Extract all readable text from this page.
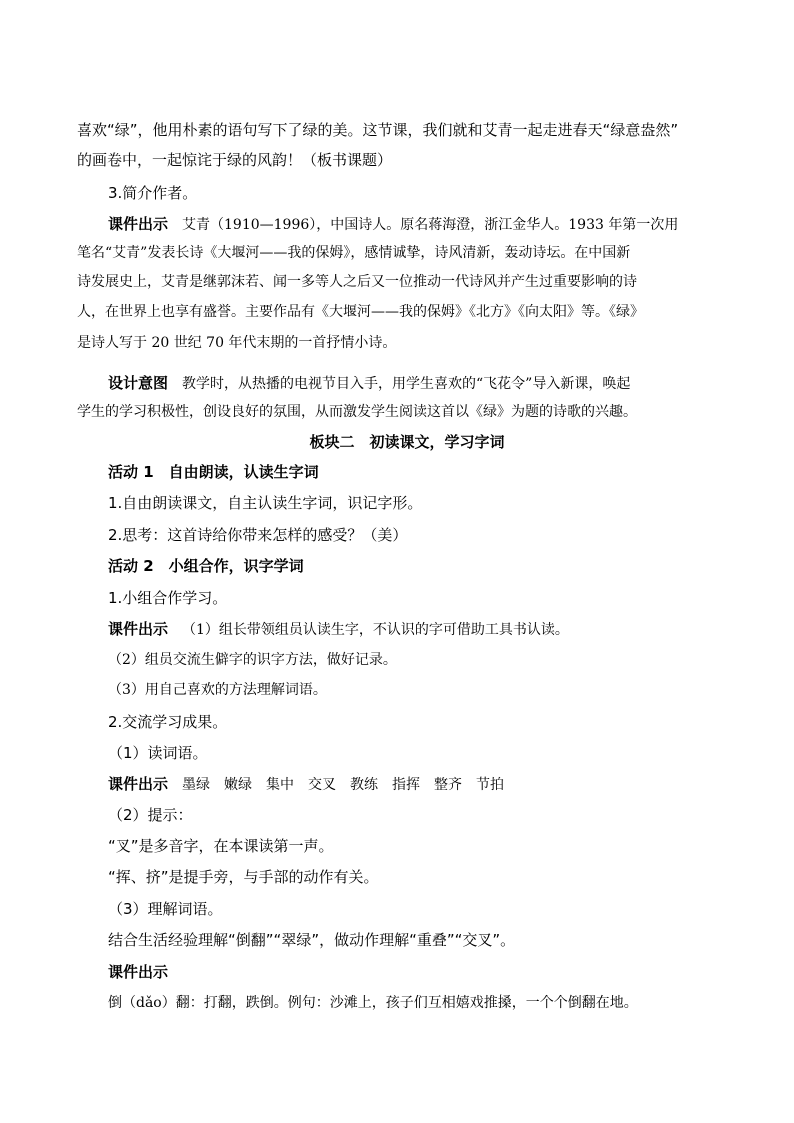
喜欢“绿”，他用朴素的语句写下了绿的美。这节课，我们就和艾青一起走进春天“绿意盎然”
的画卷中，一起惊诧于绿的风韵！（板书课题）
3.简介作者。
课件出示 艾青（1910—1996），中国诗人。原名蒋海澄，浙江金华人。1933 年第一次用
笔名“艾青”发表长诗《大堰河——我的保姆》，感情诚挚，诗风清新，轰动诗坛。在中国新
诗发展史上，艾青是继郭沫若、闻一多等人之后又一位推动一代诗风并产生过重要影响的诗
人，在世界上也享有盛誉。主要作品有《大堰河——我的保姆》《北方》《向太阳》等。《绿》
是诗人写于 20 世纪 70 年代末期的一首抒情小诗。
设计意图 教学时，从热播的电视节目入手，用学生喜欢的“飞花令”导入新课，唤起
学生的学习积极性，创设良好的氛围，从而激发学生阅读这首以《绿》为题的诗歌的兴趣。
板块二　初读课文，学习字词
活动 1　自由朗读，认读生字词
1.自由朗读课文，自主认读生字词，识记字形。
2.思考：这首诗给你带来怎样的感受？（美）
活动 2　小组合作，识字学词
1.小组合作学习。
课件出示 （1）组长带领组员认读生字，不认识的字可借助工具书认读。
（2）组员交流生僻字的识字方法，做好记录。
（3）用自己喜欢的方法理解词语。
2.交流学习成果。
（1）读词语。
课件出示 墨绿　嫩绿　集中　交叉　教练　指挥　整齐　节拍
（2）提示：
“叉”是多音字，在本课读第一声。
“挥、挤”是提手旁，与手部的动作有关。
（3）理解词语。
结合生活经验理解“倒翻”“翠绿”，做动作理解“重叠”“交叉”。
课件出示
倒（dǎo）翻：打翻，跌倒。例句：沙滩上，孩子们互相嬉戏推搡，一个个倒翻在地。
